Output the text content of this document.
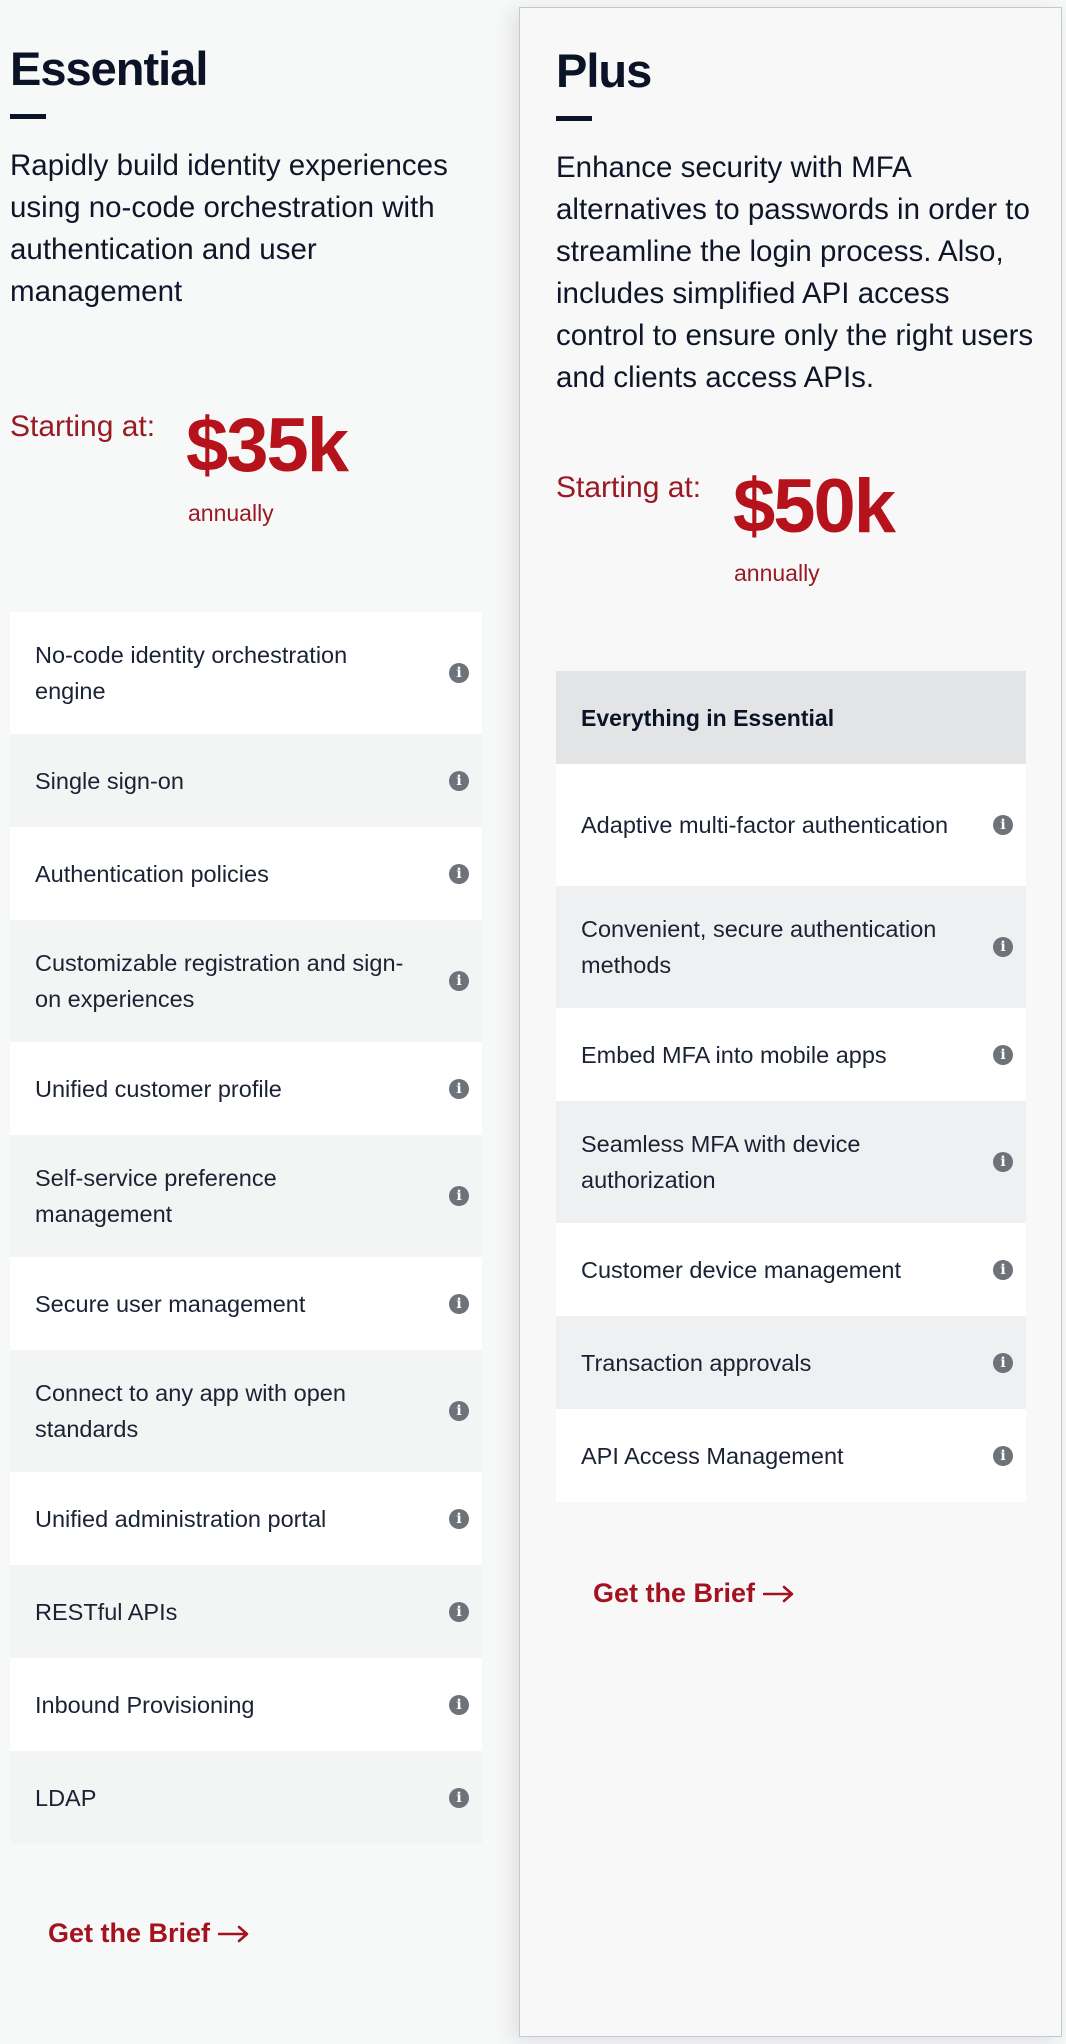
Essential

Rapidly build identity experiences using no-code orchestration with authentication and user management

Starting at: $35k
annually
No-code identity orchestration engine
i
Single sign-on	i
Authentication policies	i
Customizable registration and sign-on experiences
i
Unified customer profile	i
Self-service preference management
i
Secure user management	i
Connect to any app with open standards
i
Unified administration portal	i
RESTful APIs	i
Inbound Provisioning	i
LDAP	i
Get the Brief
Plus

Enhance security with MFA alternatives to passwords in order to streamline the login process. Also, includes simplified API access control to ensure only the right users and clients access APIs.

Starting at: $50k
annually
Everything in Essential
Adaptive multi-factor authentication	i
Convenient, secure authentication methods
i
Embed MFA into mobile apps	i
Seamless MFA with device authorization
i
Customer device management	i
Transaction approvals	i
API Access Management	i
Get the Brief
